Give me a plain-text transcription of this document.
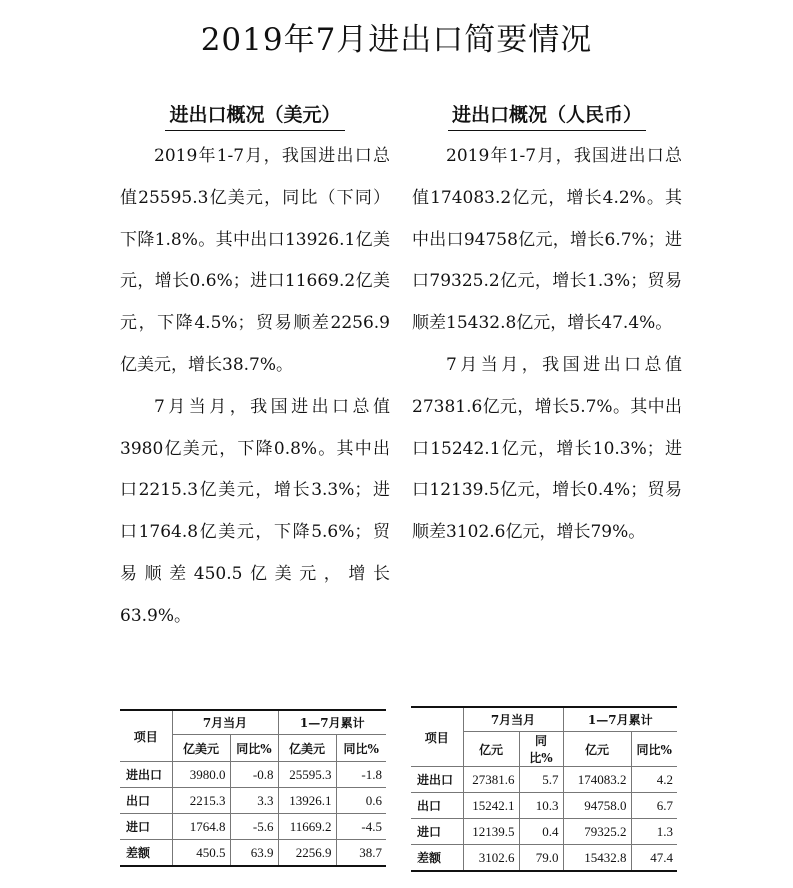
2019年7月进出口简要情况
进出口概况（美元）

2019年1-7月，我国进出口总值25595.3亿美元，同比（下同）下降1.8%。其中出口13926.1亿美元，增长0.6%；进口11669.2亿美元，下降4.5%；贸易顺差2256.9亿美元，增长38.7%。

7月当月，我国进出口总值3980亿美元，下降0.8%。其中出口2215.3亿美元，增长3.3%；进口1764.8亿美元，下降5.6%；贸易顺差450.5亿美元，增长63.9%。

进出口概况（人民币）

2019年1-7月，我国进出口总值174083.2亿元，增长4.2%。其中出口94758亿元，增长6.7%；进口79325.2亿元，增长1.3%；贸易顺差15432.8亿元，增长47.4%。

7月当月，我国进出口总值27381.6亿元，增长5.7%。其中出口15242.1亿元，增长10.3%；进口12139.5亿元，增长0.4%；贸易顺差3102.6亿元，增长79%。

项目	7月当月		1—7月累计	
	亿美元	同比%	亿美元	同比%
进出口	3980.0	-0.8	25595.3	-1.8
出口	2215.3	3.3	13926.1	0.6
进口	1764.8	-5.6	11669.2	-4.5
差额	450.5	63.9	2256.9	38.7
项目	7月当月		1—7月累计	
	亿元	同比%	亿元	同比%
进出口	27381.6	5.7	174083.2	4.2
出口	15242.1	10.3	94758.0	6.7
进口	12139.5	0.4	79325.2	1.3
差额	3102.6	79.0	15432.8	47.4
